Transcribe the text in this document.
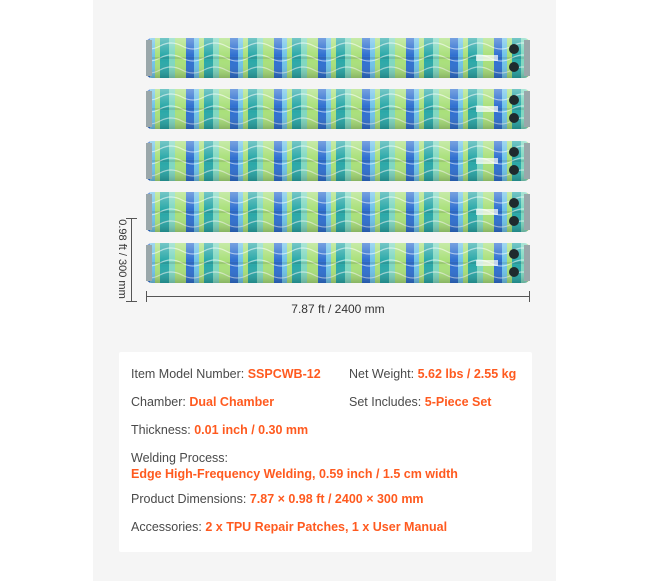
0.98 ft / 300 mm
7.87 ft / 2400 mm
Item Model Number: SSPCWB-12 Net Weight: 5.62 lbs / 2.55 kg
Chamber: Dual Chamber	Set Includes: 5-Piece Set
Thickness: 0.01 inch / 0.30 mm
Welding Process:
Edge High-Frequency Welding, 0.59 inch / 1.5 cm width
Product Dimensions: 7.87 × 0.98 ft / 2400 × 300 mm
Accessories: 2 x TPU Repair Patches, 1 x User Manual
